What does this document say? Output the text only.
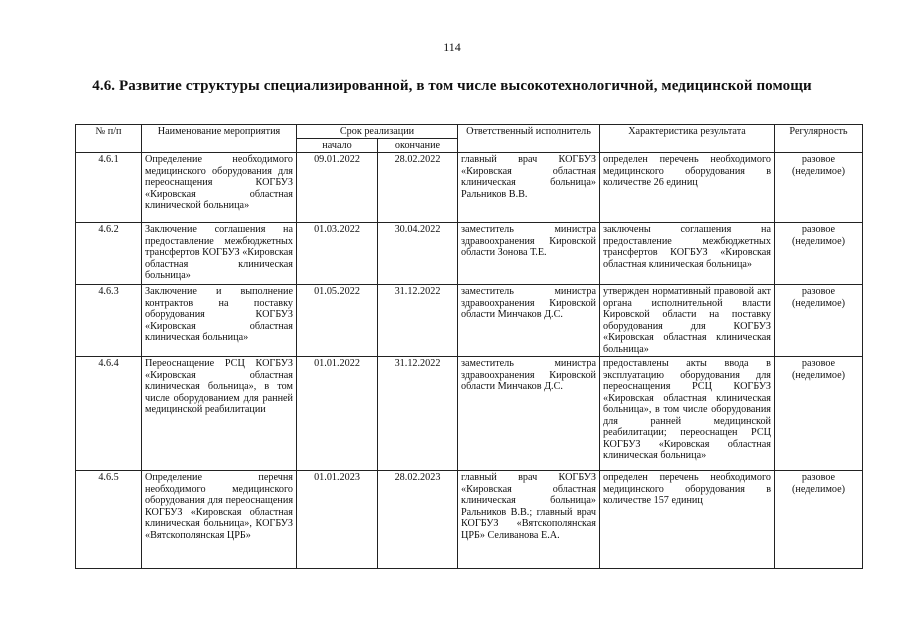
114
4.6. Развитие структуры специализированной, в том числе высокотехнологичной, медицинской помощи
№ п/п	Наименование мероприятия	Срок реализации		Ответственный исполнитель	Характеристика результата	Регулярность
		начало	окончание			
4.6.1	Определение необходимого медицинского оборудования для переоснащения КОГБУЗ «Кировская областная клинической больница»	09.01.2022	28.02.2022	главный врач КОГБУЗ «Кировская областная клиническая больница» Ральников В.В.	определен перечень необходимого медицинского оборудования в количестве 26 единиц	разовое (неделимое)
4.6.2	Заключение соглашения на предоставление межбюджетных трансфертов КОГБУЗ «Кировская областная клиническая больница»	01.03.2022	30.04.2022	заместитель министра здравоохранения Кировской области Зонова Т.Е.	заключены соглашения на предоставление межбюджетных трансфертов КОГБУЗ «Кировская областная клиническая больница»	разовое (неделимое)
4.6.3	Заключение и выполнение контрактов на поставку оборудования КОГБУЗ «Кировская областная клиническая больница»	01.05.2022	31.12.2022	заместитель министра здравоохранения Кировской области Минчаков Д.С.	утвержден нормативный правовой акт органа исполнительной власти Кировской области на поставку оборудования для КОГБУЗ «Кировская областная клиническая больница»	разовое (неделимое)
4.6.4	Переоснащение РСЦ КОГБУЗ «Кировская областная клиническая больница», в том числе оборудованием для ранней медицинской реабилитации	01.01.2022	31.12.2022	заместитель министра здравоохранения Кировской области Минчаков Д.С.	предоставлены акты ввода в эксплуатацию оборудования для переоснащения РСЦ КОГБУЗ «Кировская областная клиническая больница», в том числе оборудования для ранней медицинской реабилитации; переоснащен РСЦ КОГБУЗ «Кировская областная клиническая больница»	разовое (неделимое)
4.6.5	Определение перечня необходимого медицинского оборудования для переоснащения КОГБУЗ «Кировская областная клиническая больница», КОГБУЗ «Вятскополянская ЦРБ»	01.01.2023	28.02.2023	главный врач КОГБУЗ «Кировская областная клиническая больница» Ральников В.В.; главный врач КОГБУЗ «Вятскополянская ЦРБ» Селиванова Е.А.	определен перечень необходимого медицинского оборудования в количестве 157 единиц	разовое (неделимое)
